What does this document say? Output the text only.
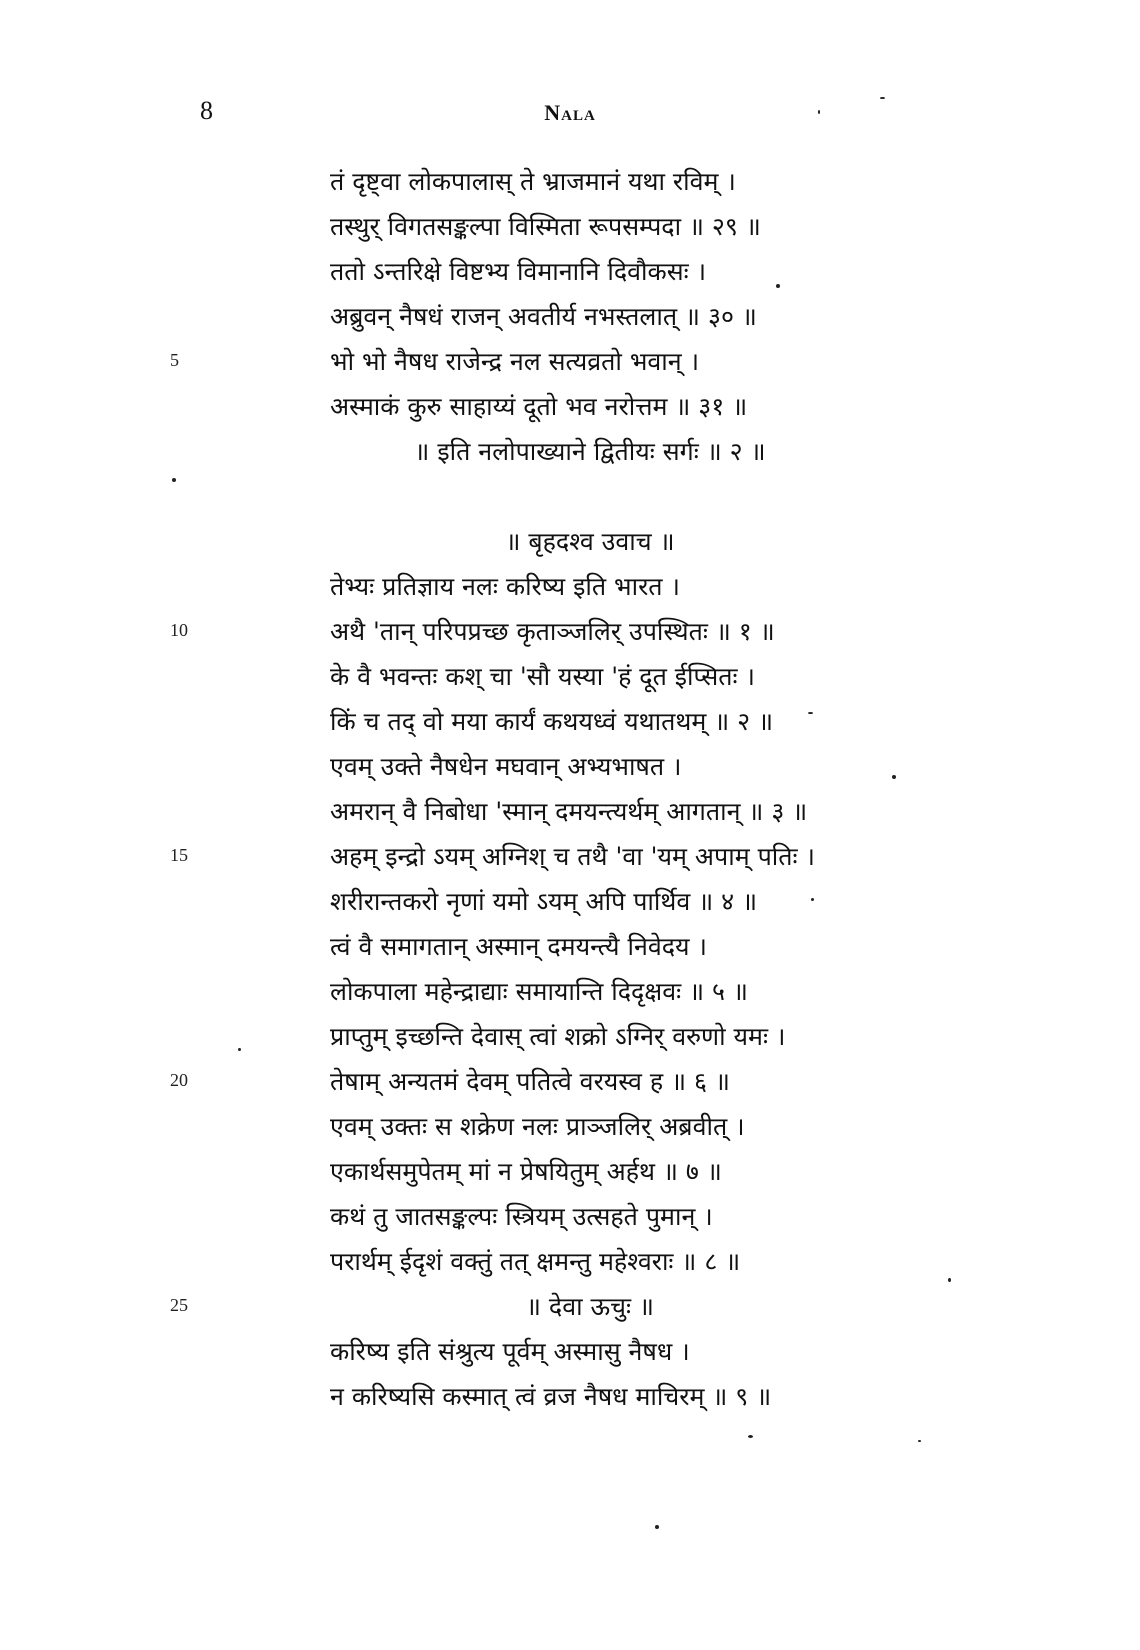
8	Nala
तं दृष्ट्वा लोकपालास् ते भ्राजमानं यथा रविम् ।
तस्थुर् विगतसङ्कल्पा विस्मिता रूपसम्पदा ॥ २९ ॥
ततो ऽन्तरिक्षे विष्टभ्य विमानानि दिवौकसः ।
अब्रुवन् नैषधं राजन् अवतीर्य नभस्तलात् ॥ ३० ॥
भो भो नैषध राजेन्द्र नल सत्यव्रतो भवान् ।
अस्माकं कुरु साहाय्यं दूतो भव नरोत्तम ॥ ३१ ॥
॥ इति नलोपाख्याने द्वितीयः सर्गः ॥ २ ॥
॥ बृहदश्व उवाच ॥
तेभ्यः प्रतिज्ञाय नलः करिष्य इति भारत ।
अथै 'तान् परिपप्रच्छ कृताञ्जलिर् उपस्थितः ॥ १ ॥
के वै भवन्तः कश् चा 'सौ यस्या 'हं दूत ईप्सितः ।
किं च तद् वो मया कार्यं कथयध्वं यथातथम् ॥ २ ॥
एवम् उक्ते नैषधेन मघवान् अभ्यभाषत ।
अमरान् वै निबोधा 'स्मान् दमयन्त्यर्थम् आगतान् ॥ ३ ॥
अहम् इन्द्रो ऽयम् अग्निश् च तथै 'वा 'यम् अपाम् पतिः ।
शरीरान्तकरो नृणां यमो ऽयम् अपि पार्थिव ॥ ४ ॥
त्वं वै समागतान् अस्मान् दमयन्त्यै निवेदय ।
लोकपाला महेन्द्राद्याः समायान्ति दिदृक्षवः ॥ ५ ॥
प्राप्तुम् इच्छन्ति देवास् त्वां शक्रो ऽग्निर् वरुणो यमः ।
तेषाम् अन्यतमं देवम् पतित्वे वरयस्व ह ॥ ६ ॥
एवम् उक्तः स शक्रेण नलः प्राञ्जलिर् अब्रवीत् ।
एकार्थसमुपेतम् मां न प्रेषयितुम् अर्हथ ॥ ७ ॥
कथं तु जातसङ्कल्पः स्त्रियम् उत्सहते पुमान् ।
परार्थम् ईदृशं वक्तुं तत् क्षमन्तु महेश्वराः ॥ ८ ॥
॥ देवा ऊचुः ॥
करिष्य इति संश्रुत्य पूर्वम् अस्मासु नैषध ।
न करिष्यसि कस्मात् त्वं व्रज नैषध माचिरम् ॥ ९ ॥
5
10
15
20
25
